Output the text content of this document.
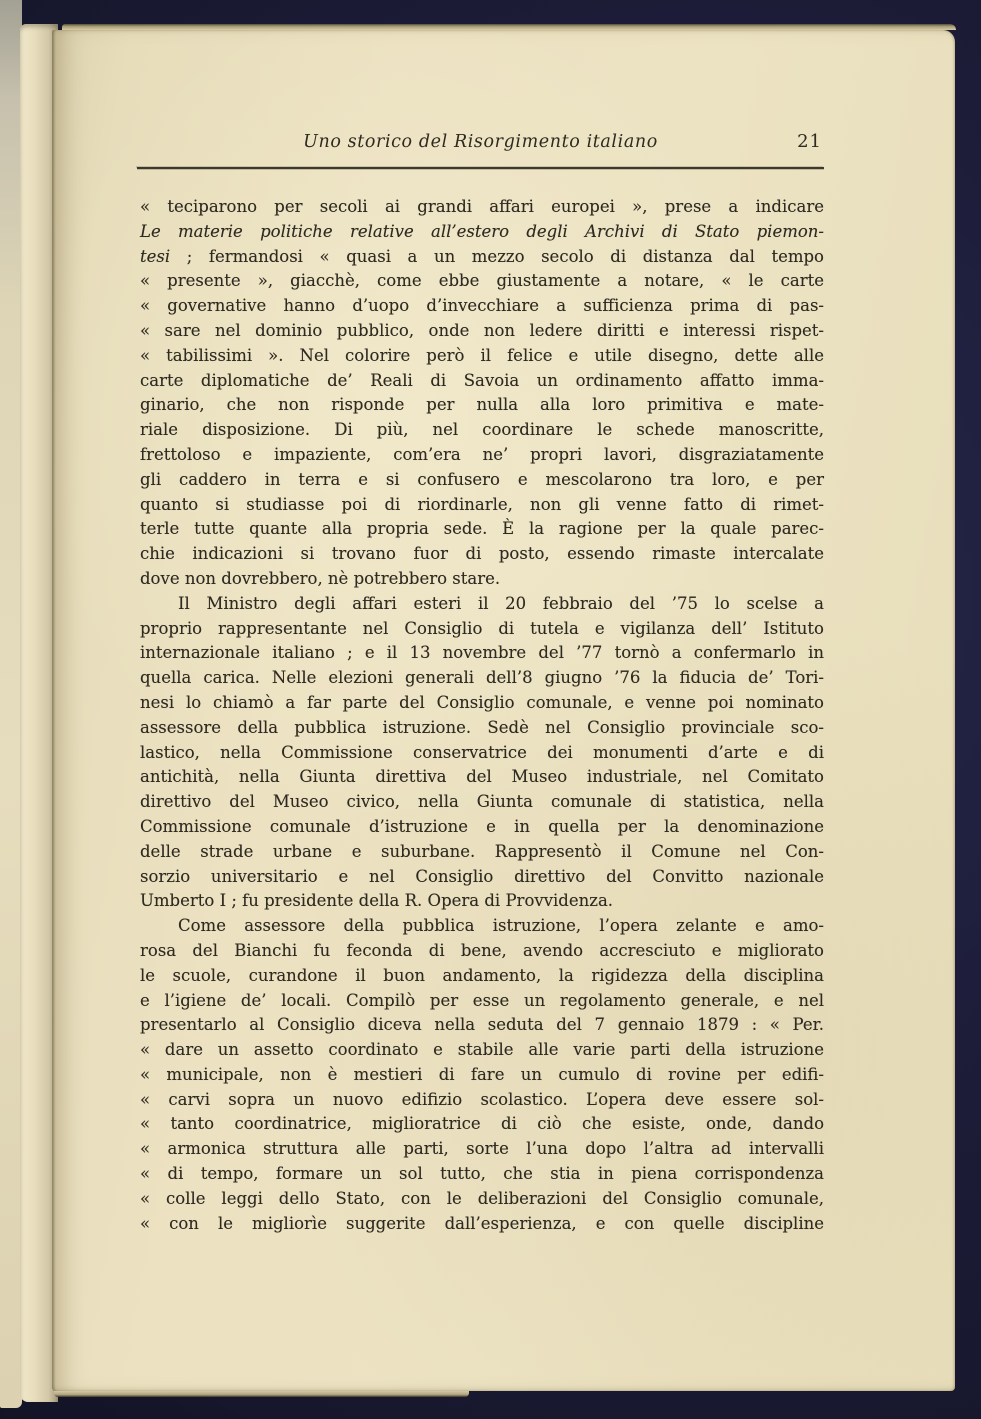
Uno storico del Risorgimento italiano	21
« teciparono per secoli ai grandi affari europei », prese a indicare
Le materie politiche relative all’estero degli Archivi di Stato piemon-
tesi ; fermandosi « quasi a un mezzo secolo di distanza dal tempo
« presente », giacchè, come ebbe giustamente a notare, « le carte
« governative hanno d’uopo d’invecchiare a sufficienza prima di pas-
« sare nel dominio pubblico, onde non ledere diritti e interessi rispet-
« tabilissimi ». Nel colorire però il felice e utile disegno, dette alle
carte diplomatiche de’ Reali di Savoia un ordinamento affatto imma-
ginario, che non risponde per nulla alla loro primitiva e mate-
riale disposizione. Di più, nel coordinare le schede manoscritte,
frettoloso e impaziente, com’era ne’ propri lavori, disgraziatamente
gli caddero in terra e si confusero e mescolarono tra loro, e per
quanto si studiasse poi di riordinarle, non gli venne fatto di rimet-
terle tutte quante alla propria sede. È la ragione per la quale parec-
chie indicazioni si trovano fuor di posto, essendo rimaste intercalate
dove non dovrebbero, nè potrebbero stare.
Il Ministro degli affari esteri il 20 febbraio del ’75 lo scelse a
proprio rappresentante nel Consiglio di tutela e vigilanza dell’ Istituto
internazionale italiano ; e il 13 novembre del ’77 tornò a confermarlo in
quella carica. Nelle elezioni generali dell’8 giugno ’76 la fiducia de’ Tori-
nesi lo chiamò a far parte del Consiglio comunale, e venne poi nominato
assessore della pubblica istruzione. Sedè nel Consiglio provinciale sco-
lastico, nella Commissione conservatrice dei monumenti d’arte e di
antichità, nella Giunta direttiva del Museo industriale, nel Comitato
direttivo del Museo civico, nella Giunta comunale di statistica, nella
Commissione comunale d’istruzione e in quella per la denominazione
delle strade urbane e suburbane. Rappresentò il Comune nel Con-
sorzio universitario e nel Consiglio direttivo del Convitto nazionale
Umberto I ; fu presidente della R. Opera di Provvidenza.
Come assessore della pubblica istruzione, l’opera zelante e amo-
rosa del Bianchi fu feconda di bene, avendo accresciuto e migliorato
le scuole, curandone il buon andamento, la rigidezza della disciplina
e l’igiene de’ locali. Compilò per esse un regolamento generale, e nel
presentarlo al Consiglio diceva nella seduta del 7 gennaio 1879 : « Per.
« dare un assetto coordinato e stabile alle varie parti della istruzione
« municipale, non è mestieri di fare un cumulo di rovine per edifi-
« carvi sopra un nuovo edifizio scolastico. L’opera deve essere sol-
« tanto coordinatrice, miglioratrice di ciò che esiste, onde, dando
« armonica struttura alle parti, sorte l’una dopo l’altra ad intervalli
« di tempo, formare un sol tutto, che stia in piena corrispondenza
« colle leggi dello Stato, con le deliberazioni del Consiglio comunale,
« con le migliorìe suggerite dall’esperienza, e con quelle discipline
